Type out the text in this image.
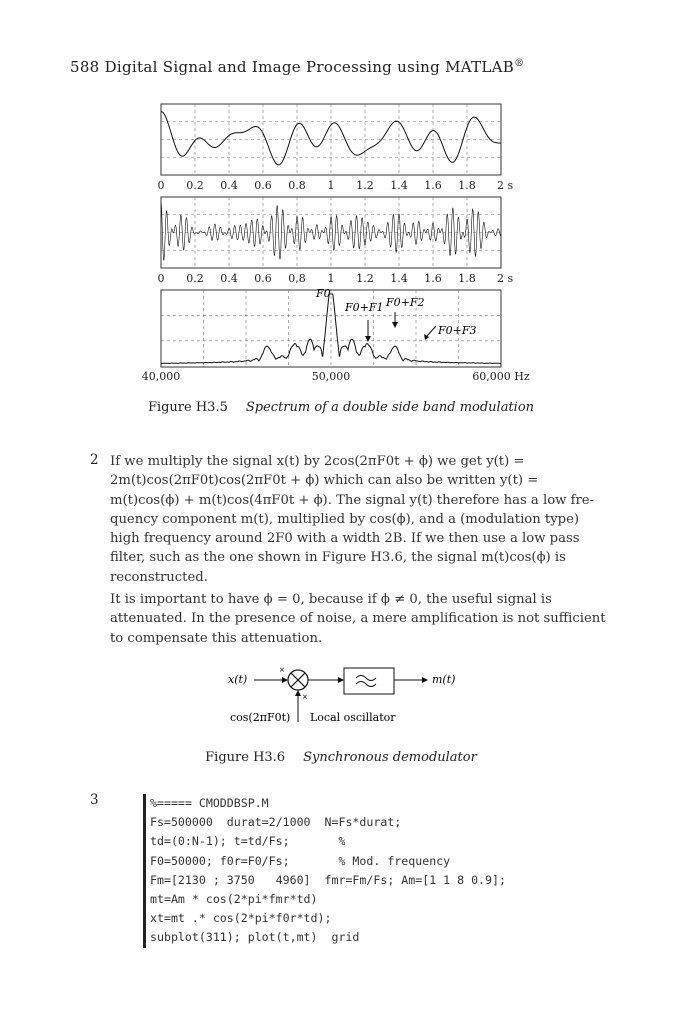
588 Digital Signal and Image Processing using MATLAB®
0 0.2 0.4 0.6 0.8 1 1.2 1.4 1.6 1.8 2 s
0 0.2 0.4 0.6 0,8 1 1.2 1.4 1.6 1.8 2 s
40,000	50,000	60,000 Hz
F0
F0+F1 F0+F2
F0+F3
Figure H3.5 Spectrum of a double side band modulation
2 If we multiply the signal x(t) by 2cos(2πF0t + ϕ) we get y(t) =
2m(t)cos(2πF0t)cos(2πF0t + ϕ) which can also be written y(t) =
m(t)cos(ϕ) + m(t)cos(4πF0t + ϕ). The signal y(t) therefore has a low fre-
quency component m(t), multiplied by cos(ϕ), and a (modulation type)
high frequency around 2F0 with a width 2B. If we then use a low pass
filter, such as the one shown in Figure H3.6, the signal m(t)cos(ϕ) is
reconstructed.
It is important to have ϕ = 0, because if ϕ ≠ 0, the useful signal is
attenuated. In the presence of noise, a mere amplification is not sufficient
to compensate this attenuation.
x(t)
×
×
m(t)
cos(2πF0t) Local oscillator
Figure H3.6 Synchronous demodulator
3	%===== CMODDBSP.M
Fs=500000  durat=2/1000  N=Fs*durat;
td=(0:N-1); t=td/Fs;       %
F0=50000; f0r=F0/Fs;       % Mod. frequency
Fm=[2130 ; 3750   4960]  fmr=Fm/Fs; Am=[1 1 8 0.9];
mt=Am * cos(2*pi*fmr*td)
xt=mt .* cos(2*pi*f0r*td);
subplot(311); plot(t,mt)  grid
